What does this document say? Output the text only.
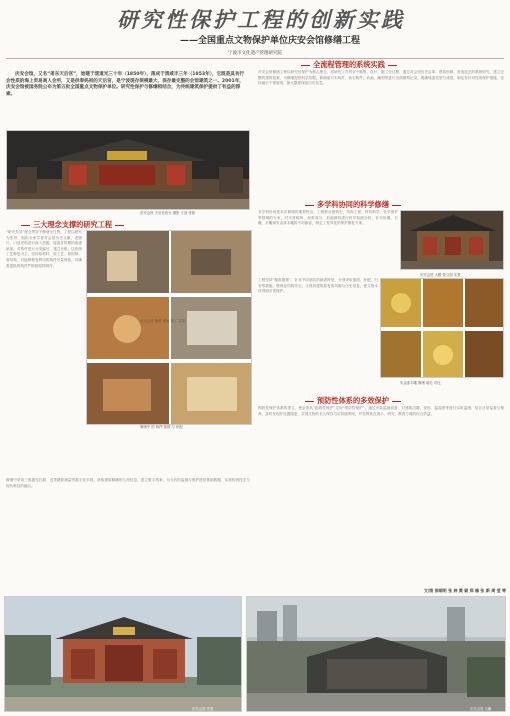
研究性保护工程的创新实践
——全国重点文物保护单位庆安会馆修缮工程
宁波市文化遗产管理研究院
庆安会馆，又名“甬东天后宫”，始建于清道光三十年（1850年），落成于清咸丰三年（1853年），它既是具有行会性质的海上贸易商人会所，又是供奉妈祖的天后宫，是宁波现存规模最大、保存最完整的会馆建筑之一。2001年，庆安会馆被国务院公布为第五批全国重点文物保护单位。研究性保护与修缮相结合，为传统建筑保护提供了有益的探索。
庆安会馆 天后宫戏台 摄影 王剑 张凯
全流程管理的系统实践
庆安会馆修缮工程以研究性保护为核心理念，将研究工作贯穿于勘察、设计、施工全过程。通过对会馆历史沿革、建筑形制、营造技艺的系统研究，建立完整的建筑档案，为修缮提供科学依据。修缮前对木构件、砖石构件、彩画、雕刻等进行全面勘察记录，明确残损类型与成因，制定有针对性的保护措施，坚持最小干预原则，最大限度保留历史信息。
三大理念支撑的研究工程
“研究先导”理念贯穿于修缮全过程。工程以研究为先导，组织专家学者对会馆历史文献、老照片、口述史料进行深入挖掘，厘清各时期的改建添加，对构件进行分类编号、建立台账。以传统工艺修复为主，坚持原材料、原工艺、原形制、原结构，对能够修复利用的构件尽量保留，对确需更换的构件严格按原样制作。
庆安会馆 修缮 现场 施工 实景
修缮中 的 构件 加固 与 补配
修缮中采用三维激光扫描、近景摄影测量等数字化手段，获取建筑精确的几何信息，建立数字档案，为今后的监测与保护提供基础数据，实现传统技艺与现代科技的融合。
多学科协同的科学修缮
多学科协同是本次修缮的重要特点。工程联合建筑史、结构工程、材料科学、化学保护等领域的专家，对木材树种、灰浆成分、彩画颜料进行科学检测分析，针对砖雕、石雕、木雕和朱金漆木雕的不同病害，制定了差异化的保护修复方案。
庆安会馆 大殿 背立面 实景
工程坚持“精准施策”，针对不同部位的病害特征，分别采取加固、补配、归安等措施，既保证结构安全，又保持建筑原有的风貌与历史信息，使文物本体得到妥善保护。
朱金漆木雕 修缮 前后 对比
预防性体系的多效保护
预防性保护体系的建立，使会馆从“抢救性保护”走向“预防性保护”。通过安装监测设备，对建筑沉降、变形、温湿度等进行实时监测，结合日常巡查与保养，及时发现并处置隐患，实现文物的长久保存与可持续利用，并发挥其在展示、研究、教育方面的综合效益。
文/图 徐炯明 张 炜 黄 颖 郑 楠 张 新 周 莹 等
庆安会馆 外景	庆安会馆 鸟瞰
